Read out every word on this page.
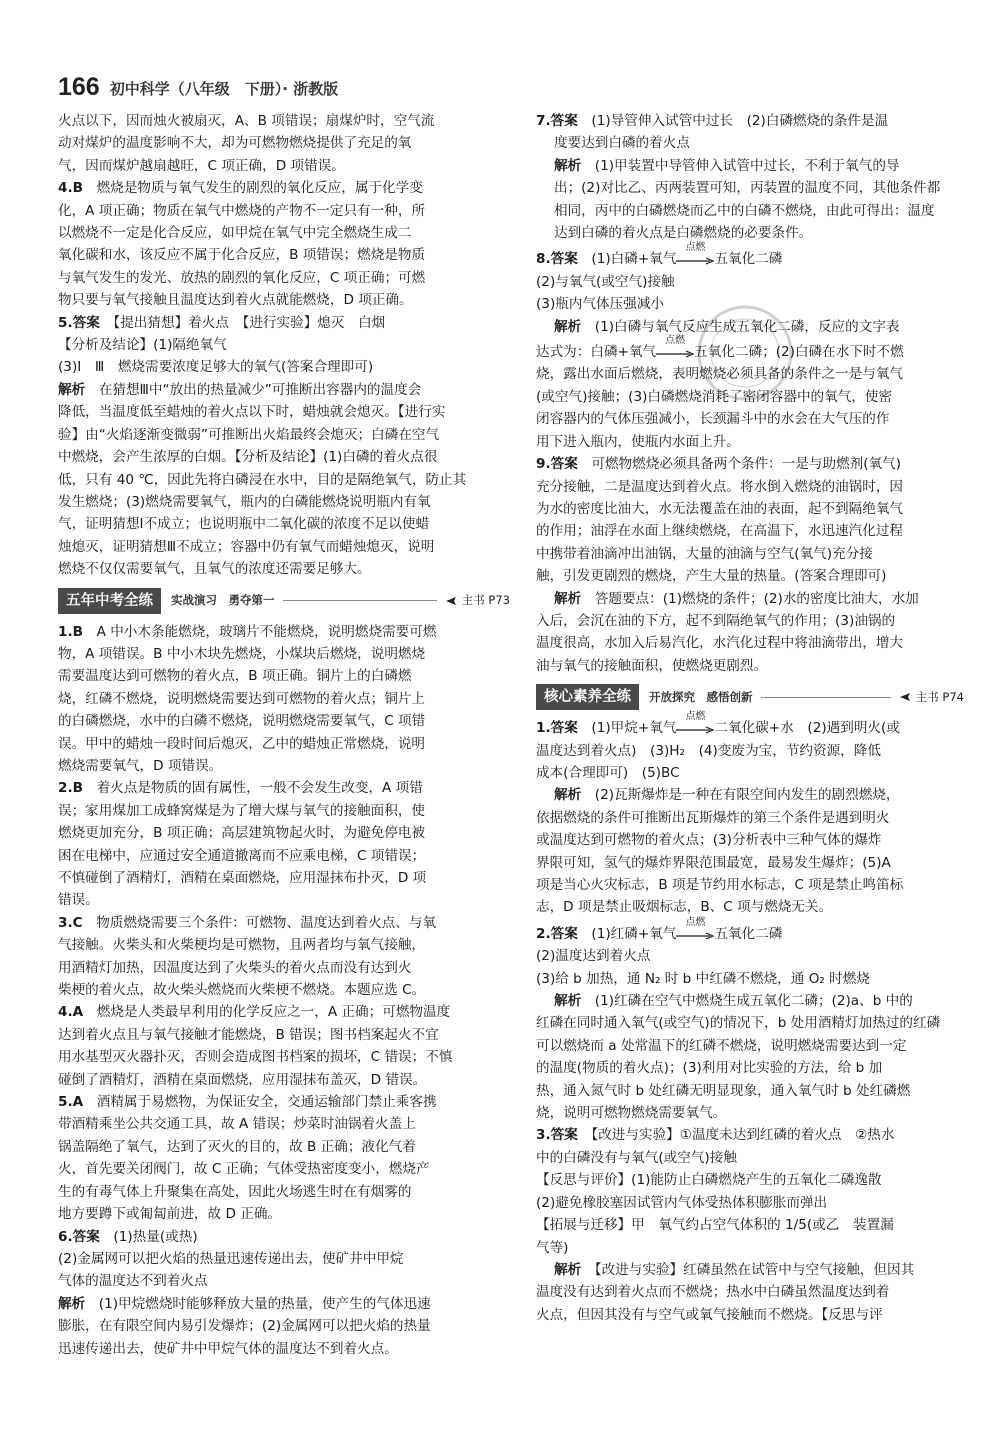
166 初中科学（八年级　下册）· 浙教版

火点以下，因而烛火被扇灭，A、B 项错误；扇煤炉时，空气流

动对煤炉的温度影响不大，却为可燃物燃烧提供了充足的氧

气，因而煤炉越扇越旺，C 项正确，D 项错误。

4.B　 燃烧是物质与氧气发生的剧烈的氧化反应，属于化学变

化，A 项正确；物质在氧气中燃烧的产物不一定只有一种，所

以燃烧不一定是化合反应，如甲烷在氧气中完全燃烧生成二

氧化碳和水，该反应不属于化合反应，B 项错误；燃烧是物质

与氧气发生的发光、放热的剧烈的氧化反应，C 项正确；可燃

物只要与氧气接触且温度达到着火点就能燃烧，D 项正确。

5.答案　 【提出猜想】着火点　【进行实验】熄灭　白烟

【分析及结论】(1)隔绝氧气

(3)Ⅰ　Ⅲ　燃烧需要浓度足够大的氧气(答案合理即可)

解析　 在猜想Ⅲ中“放出的热量减少”可推断出容器内的温度会

降低，当温度低至蜡烛的着火点以下时，蜡烛就会熄灭。【进行实

验】由“火焰逐渐变微弱”可推断出火焰最终会熄灭；白磷在空气

中燃烧，会产生浓厚的白烟。【分析及结论】(1)白磷的着火点很

低，只有 40 ℃，因此先将白磷浸在水中，目的是隔绝氧气，防止其

发生燃烧；(3)燃烧需要氧气，瓶内的白磷能燃烧说明瓶内有氧

气，证明猜想Ⅰ不成立；也说明瓶中二氧化碳的浓度不足以使蜡

烛熄灭，证明猜想Ⅲ不成立；容器中仍有氧气而蜡烛熄灭，说明

燃烧不仅仅需要氧气，且氧气的浓度还需要足够大。

五年中考全练	实战演习　勇夺第一	主书 P73

1.B　 A 中小木条能燃烧，玻璃片不能燃烧，说明燃烧需要可燃

物，A 项错误。B 中小木块先燃烧，小煤块后燃烧，说明燃烧

需要温度达到可燃物的着火点，B 项正确。铜片上的白磷燃

烧，红磷不燃烧，说明燃烧需要达到可燃物的着火点；铜片上

的白磷燃烧，水中的白磷不燃烧，说明燃烧需要氧气，C 项错

误。甲中的蜡烛一段时间后熄灭，乙中的蜡烛正常燃烧，说明

燃烧需要氧气，D 项错误。

2.B　 着火点是物质的固有属性，一般不会发生改变，A 项错

误；家用煤加工成蜂窝煤是为了增大煤与氧气的接触面积，使

燃烧更加充分，B 项正确；高层建筑物起火时，为避免停电被

困在电梯中，应通过安全通道撤离而不应乘电梯，C 项错误；

不慎碰倒了酒精灯，酒精在桌面燃烧，应用湿抹布扑灭，D 项

错误。

3.C　 物质燃烧需要三个条件：可燃物、温度达到着火点、与氧

气接触。火柴头和火柴梗均是可燃物，且两者均与氧气接触，

用酒精灯加热，因温度达到了火柴头的着火点而没有达到火

柴梗的着火点，故火柴头燃烧而火柴梗不燃烧。本题应选 C。

4.A　 燃烧是人类最早利用的化学反应之一，A 正确；可燃物温度

达到着火点且与氧气接触才能燃烧，B 错误；图书档案起火不宜

用水基型灭火器扑灭，否则会造成图书档案的损坏，C 错误；不慎

碰倒了酒精灯，酒精在桌面燃烧，应用湿抹布盖灭，D 错误。

5.A　 酒精属于易燃物，为保证安全，交通运输部门禁止乘客携

带酒精乘坐公共交通工具，故 A 错误；炒菜时油锅着火盖上

锅盖隔绝了氧气，达到了灭火的目的，故 B 正确；液化气着

火，首先要关闭阀门，故 C 正确；气体受热密度变小，燃烧产

生的有毒气体上升聚集在高处，因此火场逃生时在有烟雾的

地方要蹲下或匍匐前进，故 D 正确。

6.答案　 (1)热量(或热)

(2)金属网可以把火焰的热量迅速传递出去，使矿井中甲烷

气体的温度达不到着火点

解析　 (1)甲烷燃烧时能够释放大量的热量，使产生的气体迅速

膨胀，在有限空间内易引发爆炸；(2)金属网可以把火焰的热量

迅速传递出去，使矿井中甲烷气体的温度达不到着火点。

7.答案　 (1)导管伸入试管中过长　(2)白磷燃烧的条件是温

度要达到白磷的着火点

解析　 (1)甲装置中导管伸入试管中过长，不利于氧气的导

出；(2)对比乙、丙两装置可知，丙装置的温度不同，其他条件都

相同，丙中的白磷燃烧而乙中的白磷不燃烧，由此可得出：温度

达到白磷的着火点是白磷燃烧的必要条件。

8.答案　 (1)白磷+氧气
点燃
五氧化二磷

(2)与氧气(或空气)接触

(3)瓶内气体压强减小

解析　 (1)白磷与氧气反应生成五氧化二磷，反应的文字表

达式为：白磷+氧气
点燃
五氧化二磷；(2)白磷在水下时不燃

烧，露出水面后燃烧，表明燃烧必须具备的条件之一是与氧气

(或空气)接触；(3)白磷燃烧消耗了密闭容器中的氧气，使密

闭容器内的气体压强减小，长颈漏斗中的水会在大气压的作

用下进入瓶内，使瓶内水面上升。

9.答案　 可燃物燃烧必须具备两个条件：一是与助燃剂(氧气)

充分接触，二是温度达到着火点。将水倒入燃烧的油锅时，因

为水的密度比油大，水无法覆盖在油的表面，起不到隔绝氧气

的作用；油浮在水面上继续燃烧，在高温下，水迅速汽化过程

中携带着油滴冲出油锅，大量的油滴与空气(氧气)充分接

触，引发更剧烈的燃烧，产生大量的热量。(答案合理即可)

解析　 答题要点：(1)燃烧的条件；(2)水的密度比油大，水加

入后，会沉在油的下方，起不到隔绝氧气的作用；(3)油锅的

温度很高，水加入后易汽化，水汽化过程中将油滴带出，增大

油与氧气的接触面积，使燃烧更剧烈。

核心素养全练	开放探究　感悟创新	主书 P74

1.答案　 (1)甲烷+氧气
点燃
二氧化碳+水　(2)遇到明火(或

温度达到着火点)　(3)H₂　(4)变废为宝，节约资源，降低

成本(合理即可)　(5)BC

解析　 (2)瓦斯爆炸是一种在有限空间内发生的剧烈燃烧，

依据燃烧的条件可推断出瓦斯爆炸的第三个条件是遇到明火

或温度达到可燃物的着火点；(3)分析表中三种气体的爆炸

界限可知，氢气的爆炸界限范围最宽，最易发生爆炸；(5)A

项是当心火灾标志，B 项是节约用水标志，C 项是禁止鸣笛标

志，D 项是禁止吸烟标志，B、C 项与燃烧无关。

2.答案　 (1)红磷+氧气
点燃
五氧化二磷

(2)温度达到着火点

(3)给 b 加热，通 N₂ 时 b 中红磷不燃烧，通 O₂ 时燃烧

解析　 (1)红磷在空气中燃烧生成五氧化二磷；(2)a、b 中的

红磷在同时通入氧气(或空气)的情况下，b 处用酒精灯加热过的红磷

可以燃烧而 a 处常温下的红磷不燃烧，说明燃烧需要达到一定

的温度(物质的着火点)；(3)利用对比实验的方法，给 b 加

热，通入氮气时 b 处红磷无明显现象，通入氧气时 b 处红磷燃

烧，说明可燃物燃烧需要氧气。

3.答案　 【改进与实验】①温度未达到红磷的着火点　②热水

中的白磷没有与氧气(或空气)接触

【反思与评价】(1)能防止白磷燃烧产生的五氧化二磷逸散

(2)避免橡胶塞因试管内气体受热体积膨胀而弹出

【拓展与迁移】甲　氧气约占空气体积的 1/5(或乙　装置漏

气等)

解析　 【改进与实验】红磷虽然在试管中与空气接触，但因其

温度没有达到着火点而不燃烧；热水中白磷虽然温度达到着

火点，但因其没有与空气或氧气接触而不燃烧。【反思与评
